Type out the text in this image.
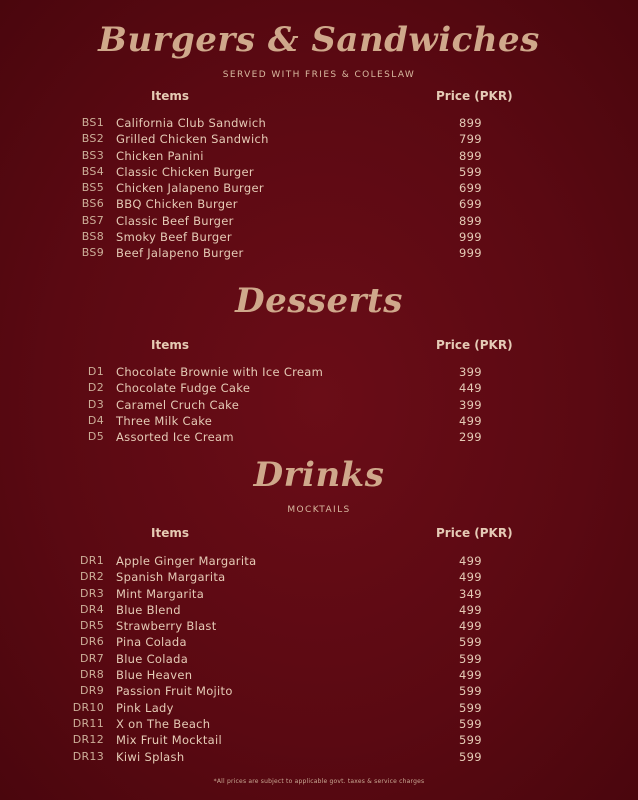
Burgers & Sandwiches

SERVED WITH FRIES & COLESLAW

Items	Price (PKR)
BS1 California Club Sandwich	899
BS2 Grilled Chicken Sandwich	799
BS3 Chicken Panini	899
BS4 Classic Chicken Burger	599
BS5 Chicken Jalapeno Burger	699
BS6 BBQ Chicken Burger	699
BS7 Classic Beef Burger	899
BS8 Smoky Beef Burger	999
BS9 Beef Jalapeno Burger	999
Desserts
Items	Price (PKR)
D1 Chocolate Brownie with Ice Cream	399
D2 Chocolate Fudge Cake	449
D3 Caramel Cruch Cake	399
D4 Three Milk Cake	499
D5 Assorted Ice Cream	299
Drinks

MOCKTAILS

Items	Price (PKR)
DR1 Apple Ginger Margarita	499
DR2 Spanish Margarita	499
DR3 Mint Margarita	349
DR4 Blue Blend	499
DR5 Strawberry Blast	499
DR6 Pina Colada	599
DR7 Blue Colada	599
DR8 Blue Heaven	499
DR9 Passion Fruit Mojito	599
DR10 Pink Lady	599
DR11 X on The Beach	599
DR12 Mix Fruit Mocktail	599
DR13 Kiwi Splash	599
*All prices are subject to applicable govt. taxes & service charges
